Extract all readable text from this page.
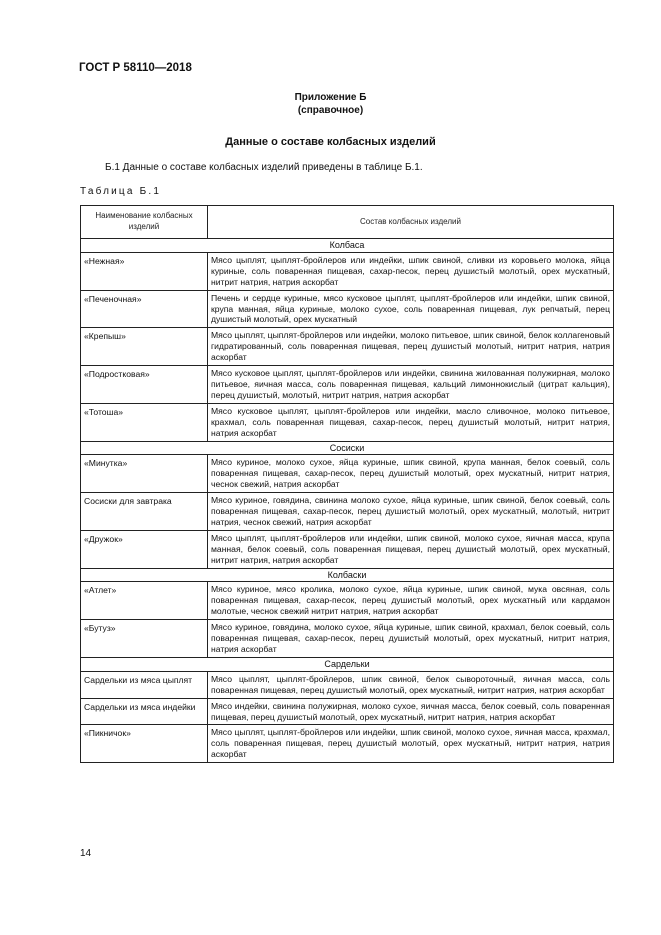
ГОСТ Р 58110—2018
Приложение Б
(справочное)
Данные о составе колбасных изделий
Б.1 Данные о составе колбасных изделий приведены в таблице Б.1.
Таблица Б.1
Наименование колбасных изделий	Состав колбасных изделий
Колбаса	
«Нежная»	Мясо цыплят, цыплят-бройлеров или индейки, шпик свиной, сливки из коровьего молока, яйца куриные, соль поваренная пищевая, сахар-песок, перец душистый молотый, орех мускатный, нитрит натрия, натрия аскорбат
«Печеночная»	Печень и сердце куриные, мясо кусковое цыплят, цыплят-бройлеров или индейки, шпик свиной, крупа манная, яйца куриные, молоко сухое, соль поваренная пищевая, лук репчатый, перец душистый молотый, орех мускатный
«Крепыш»	Мясо цыплят, цыплят-бройлеров или индейки, молоко питьевое, шпик свиной, белок коллагеновый гидратированный, соль поваренная пищевая, перец душистый молотый, нитрит натрия, натрия аскорбат
«Подростковая»	Мясо кусковое цыплят, цыплят-бройлеров или индейки, свинина жилованная полужирная, молоко питьевое, яичная масса, соль поваренная пищевая, кальций лимоннокислый (цитрат кальция), перец душистый, молотый, нитрит натрия, натрия аскорбат
«Тотоша»	Мясо кусковое цыплят, цыплят-бройлеров или индейки, масло сливочное, молоко питьевое, крахмал, соль поваренная пищевая, сахар-песок, перец душистый молотый, нитрит натрия, натрия аскорбат
Сосиски	
«Минутка»	Мясо куриное, молоко сухое, яйца куриные, шпик свиной, крупа манная, белок соевый, соль поваренная пищевая, сахар-песок, перец душистый молотый, орех мускатный, нитрит натрия, чеснок свежий, натрия аскорбат
Сосиски для завтрака	Мясо куриное, говядина, свинина молоко сухое, яйца куриные, шпик свиной, белок соевый, соль поваренная пищевая, сахар-песок, перец душистый молотый, орех мускатный, молотый, нитрит натрия, чеснок свежий, натрия аскорбат
«Дружок»	Мясо цыплят, цыплят-бройлеров или индейки, шпик свиной, молоко сухое, яичная масса, крупа манная, белок соевый, соль поваренная пищевая, перец душистый молотый, орех мускатный, нитрит натрия, натрия аскорбат
Колбаски	
«Атлет»	Мясо куриное, мясо кролика, молоко сухое, яйца куриные, шпик свиной, мука овсяная, соль поваренная пищевая, сахар-песок, перец душистый молотый, орех мускатный или кардамон молотые, чеснок свежий нитрит натрия, натрия аскорбат
«Бутуз»	Мясо куриное, говядина, молоко сухое, яйца куриные, шпик свиной, крахмал, белок соевый, соль поваренная пищевая, сахар-песок, перец душистый молотый, орех мускатный, нитрит натрия, натрия аскорбат
Сардельки	
Сардельки из мяса цыплят	Мясо цыплят, цыплят-бройлеров, шпик свиной, белок сывороточный, яичная масса, соль поваренная пищевая, перец душистый молотый, орех мускатный, нитрит натрия, натрия аскорбат
Сардельки из мяса индейки	Мясо индейки, свинина полужирная, молоко сухое, яичная масса, белок соевый, соль поваренная пищевая, перец душистый молотый, орех мускатный, нитрит натрия, натрия аскорбат
«Пикничок»	Мясо цыплят, цыплят-бройлеров или индейки, шпик свиной, молоко сухое, яичная масса, крахмал, соль поваренная пищевая, перец душистый молотый, орех мускатный, нитрит натрия, натрия аскорбат
14
